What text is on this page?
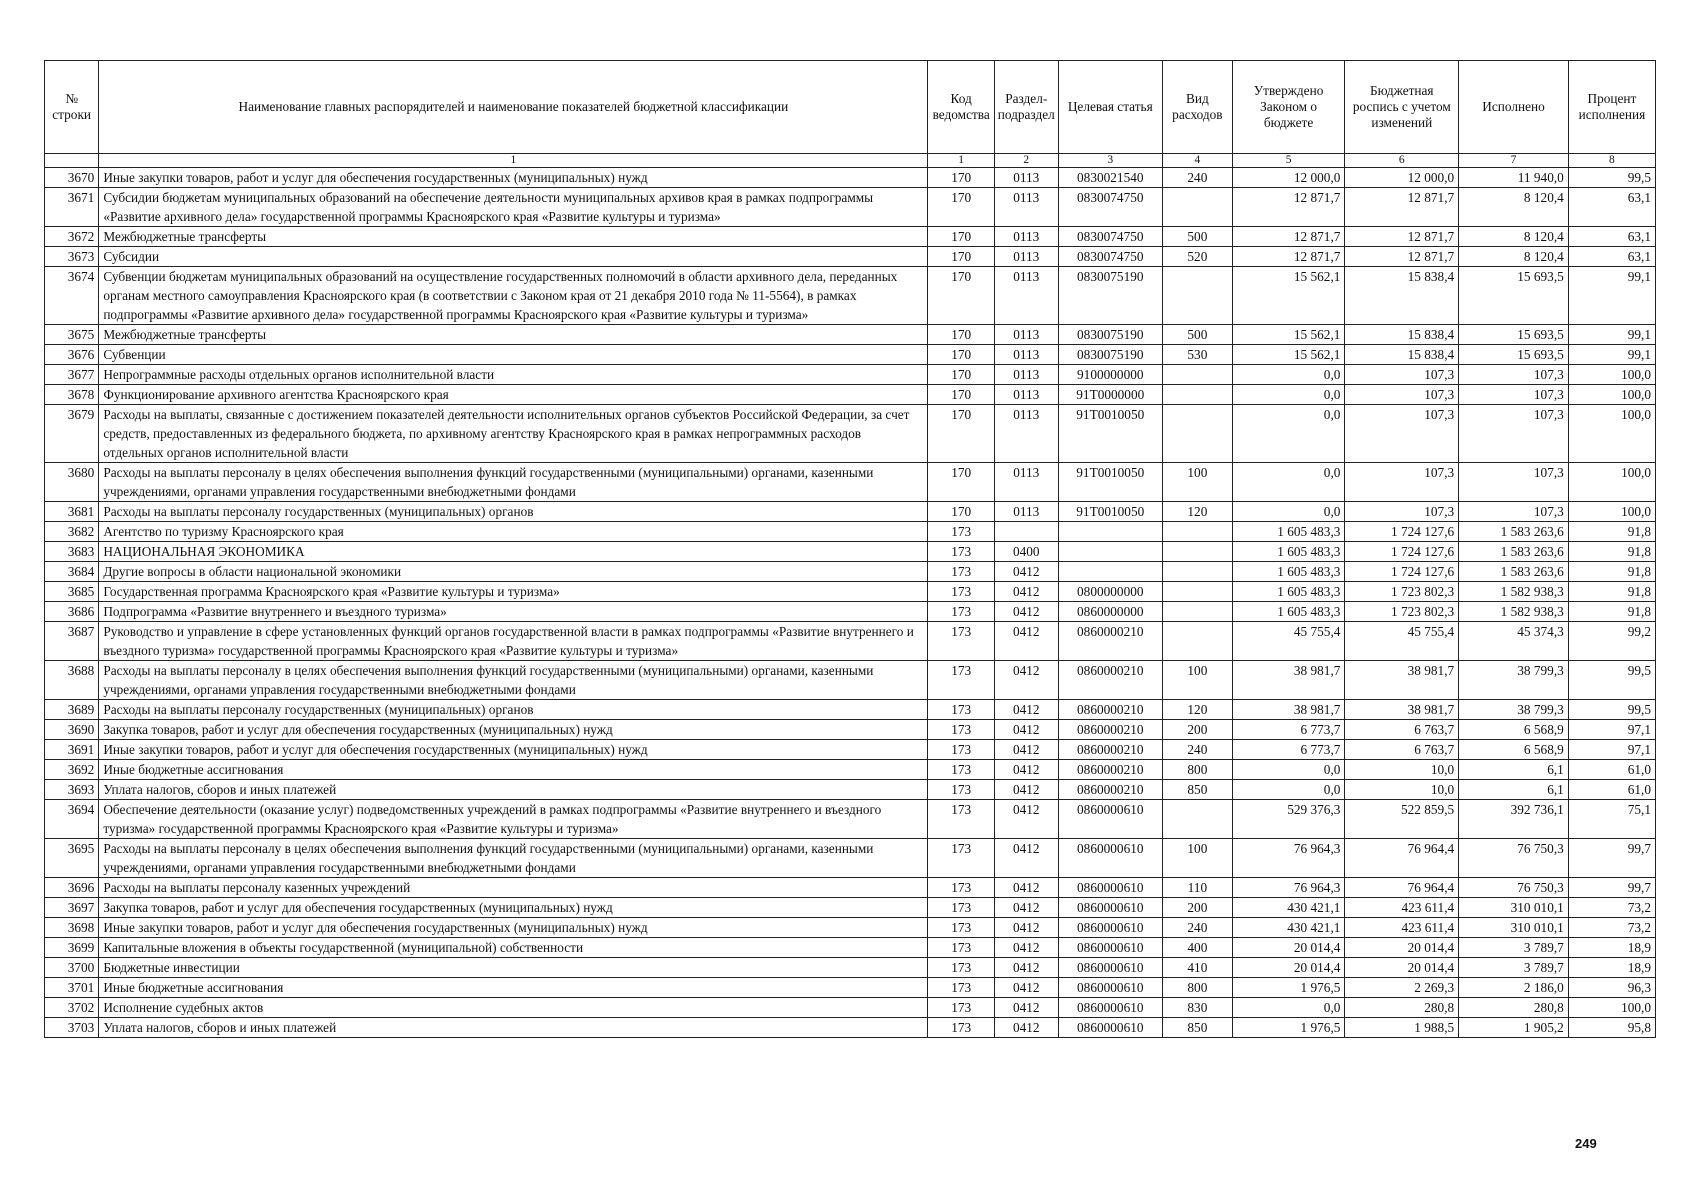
№ строки	Наименование главных распорядителей и наименование показателей бюджетной классификации	Код ведомства	Раздел-подраздел	Целевая статья	Вид расходов	Утверждено Законом о бюджете	Бюджетная роспись с учетом изменений	Исполнено	Процент исполнения
	1	1	2	3	4	5	6	7	8
3670	Иные закупки товаров, работ и услуг для обеспечения государственных (муниципальных) нужд	170	0113	0830021540	240	12 000,0	12 000,0	11 940,0	99,5
3671	Субсидии бюджетам муниципальных образований на обеспечение деятельности муниципальных архивов края в рамках подпрограммы «Развитие архивного дела» государственной программы Красноярского края «Развитие культуры и туризма»	170	0113	0830074750		12 871,7	12 871,7	8 120,4	63,1
3672	Межбюджетные трансферты	170	0113	0830074750	500	12 871,7	12 871,7	8 120,4	63,1
3673	Субсидии	170	0113	0830074750	520	12 871,7	12 871,7	8 120,4	63,1
3674	Субвенции бюджетам муниципальных образований на осуществление государственных полномочий в области архивного дела, переданных органам местного самоуправления Красноярского края (в соответствии с Законом края от 21 декабря 2010 года № 11-5564), в рамках подпрограммы «Развитие архивного дела» государственной программы Красноярского края «Развитие культуры и туризма»	170	0113	0830075190		15 562,1	15 838,4	15 693,5	99,1
3675	Межбюджетные трансферты	170	0113	0830075190	500	15 562,1	15 838,4	15 693,5	99,1
3676	Субвенции	170	0113	0830075190	530	15 562,1	15 838,4	15 693,5	99,1
3677	Непрограммные расходы отдельных органов исполнительной власти	170	0113	9100000000		0,0	107,3	107,3	100,0
3678	Функционирование архивного агентства Красноярского края	170	0113	91Т0000000		0,0	107,3	107,3	100,0
3679	Расходы на выплаты, связанные с достижением показателей деятельности исполнительных органов субъектов Российской Федерации, за счет средств, предоставленных из федерального бюджета, по архивному агентству Красноярского края в рамках непрограммных расходов отдельных органов исполнительной власти	170	0113	91Т0010050		0,0	107,3	107,3	100,0
3680	Расходы на выплаты персоналу в целях обеспечения выполнения функций государственными (муниципальными) органами, казенными учреждениями, органами управления государственными внебюджетными фондами	170	0113	91Т0010050	100	0,0	107,3	107,3	100,0
3681	Расходы на выплаты персоналу государственных (муниципальных) органов	170	0113	91Т0010050	120	0,0	107,3	107,3	100,0
3682	Агентство по туризму Красноярского края	173				1 605 483,3	1 724 127,6	1 583 263,6	91,8
3683	НАЦИОНАЛЬНАЯ ЭКОНОМИКА	173	0400			1 605 483,3	1 724 127,6	1 583 263,6	91,8
3684	Другие вопросы в области национальной экономики	173	0412			1 605 483,3	1 724 127,6	1 583 263,6	91,8
3685	Государственная программа Красноярского края «Развитие культуры и туризма»	173	0412	0800000000		1 605 483,3	1 723 802,3	1 582 938,3	91,8
3686	Подпрограмма «Развитие внутреннего и въездного туризма»	173	0412	0860000000		1 605 483,3	1 723 802,3	1 582 938,3	91,8
3687	Руководство и управление в сфере установленных функций органов государственной власти в рамках подпрограммы «Развитие внутреннего и въездного туризма» государственной программы Красноярского края «Развитие культуры и туризма»	173	0412	0860000210		45 755,4	45 755,4	45 374,3	99,2
3688	Расходы на выплаты персоналу в целях обеспечения выполнения функций государственными (муниципальными) органами, казенными учреждениями, органами управления государственными внебюджетными фондами	173	0412	0860000210	100	38 981,7	38 981,7	38 799,3	99,5
3689	Расходы на выплаты персоналу государственных (муниципальных) органов	173	0412	0860000210	120	38 981,7	38 981,7	38 799,3	99,5
3690	Закупка товаров, работ и услуг для обеспечения государственных (муниципальных) нужд	173	0412	0860000210	200	6 773,7	6 763,7	6 568,9	97,1
3691	Иные закупки товаров, работ и услуг для обеспечения государственных (муниципальных) нужд	173	0412	0860000210	240	6 773,7	6 763,7	6 568,9	97,1
3692	Иные бюджетные ассигнования	173	0412	0860000210	800	0,0	10,0	6,1	61,0
3693	Уплата налогов, сборов и иных платежей	173	0412	0860000210	850	0,0	10,0	6,1	61,0
3694	Обеспечение деятельности (оказание услуг) подведомственных учреждений в рамках подпрограммы «Развитие внутреннего и въездного туризма» государственной программы Красноярского края «Развитие культуры и туризма»	173	0412	0860000610		529 376,3	522 859,5	392 736,1	75,1
3695	Расходы на выплаты персоналу в целях обеспечения выполнения функций государственными (муниципальными) органами, казенными учреждениями, органами управления государственными внебюджетными фондами	173	0412	0860000610	100	76 964,3	76 964,4	76 750,3	99,7
3696	Расходы на выплаты персоналу казенных учреждений	173	0412	0860000610	110	76 964,3	76 964,4	76 750,3	99,7
3697	Закупка товаров, работ и услуг для обеспечения государственных (муниципальных) нужд	173	0412	0860000610	200	430 421,1	423 611,4	310 010,1	73,2
3698	Иные закупки товаров, работ и услуг для обеспечения государственных (муниципальных) нужд	173	0412	0860000610	240	430 421,1	423 611,4	310 010,1	73,2
3699	Капитальные вложения в объекты государственной (муниципальной) собственности	173	0412	0860000610	400	20 014,4	20 014,4	3 789,7	18,9
3700	Бюджетные инвестиции	173	0412	0860000610	410	20 014,4	20 014,4	3 789,7	18,9
3701	Иные бюджетные ассигнования	173	0412	0860000610	800	1 976,5	2 269,3	2 186,0	96,3
3702	Исполнение судебных актов	173	0412	0860000610	830	0,0	280,8	280,8	100,0
3703	Уплата налогов, сборов и иных платежей	173	0412	0860000610	850	1 976,5	1 988,5	1 905,2	95,8
249
